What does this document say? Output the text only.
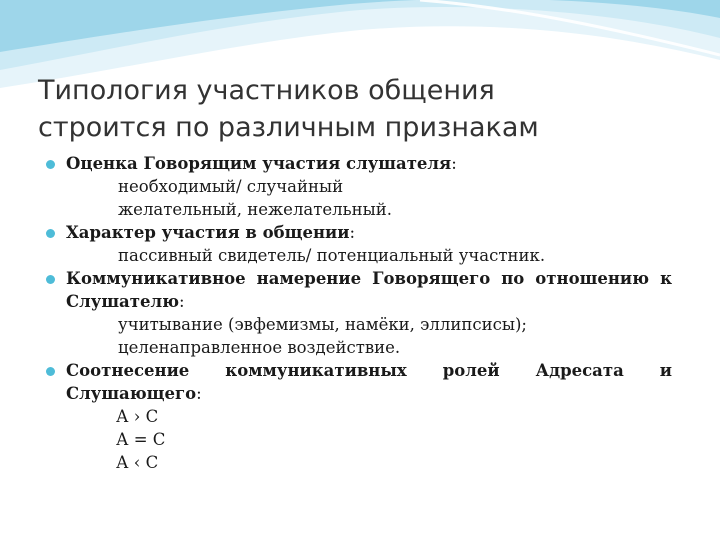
Типология участников общения
строится по различным признакам
Оценка Говорящим участия слушателя:
необходимый/ случайный
желательный, нежелательный.
Характер участия в общении:
пассивный свидетель/ потенциальный участник.
Коммуникативное намерение Говорящего по отношению к Слушателю:
учитывание (эвфемизмы, намёки, эллипсисы);
целенаправленное воздействие.
Соотнесение коммуникативных ролей Адресата и
Слушающего:
А › С
А = С
А ‹ С
